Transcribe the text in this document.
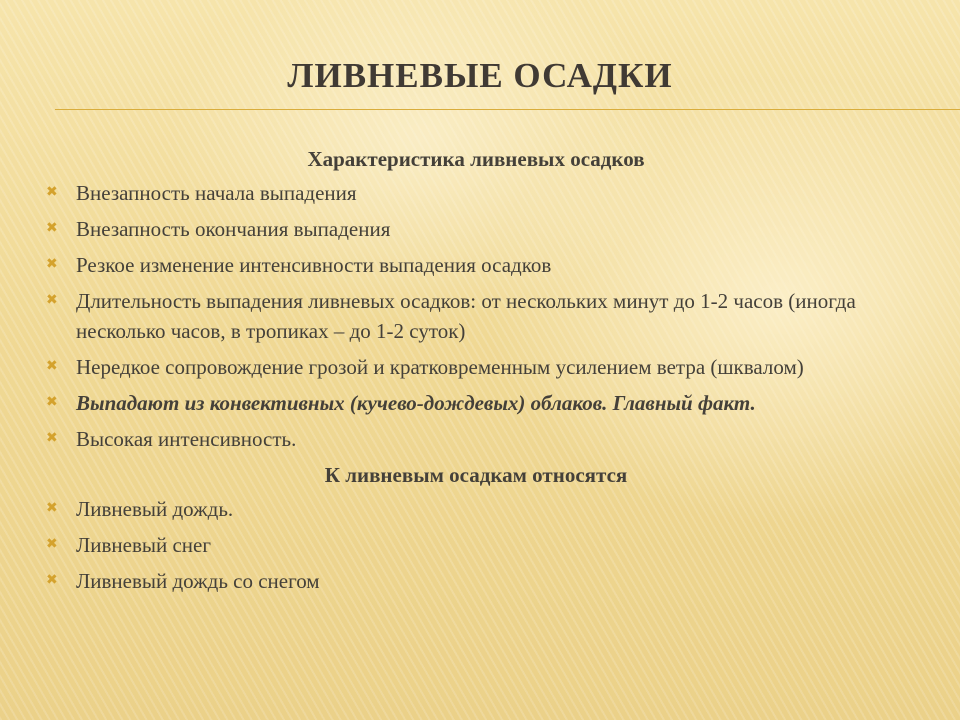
ЛИВНЕВЫЕ ОСАДКИ
Характеристика ливневых осадков
✖ Внезапность начала выпадения
✖ Внезапность окончания выпадения
✖ Резкое изменение интенсивности выпадения осадков
✖ Длительность выпадения ливневых осадков: от нескольких минут до 1-2 часов (иногда несколько часов, в тропиках – до 1-2 суток)
✖ Нередкое сопровождение грозой и кратковременным усилением ветра (шквалом)
✖ Выпадают из конвективных (кучево-дождевых) облаков. Главный факт.
✖ Высокая интенсивность.
К ливневым осадкам относятся
✖ Ливневый дождь.
✖ Ливневый снег
✖ Ливневый дождь со снегом
